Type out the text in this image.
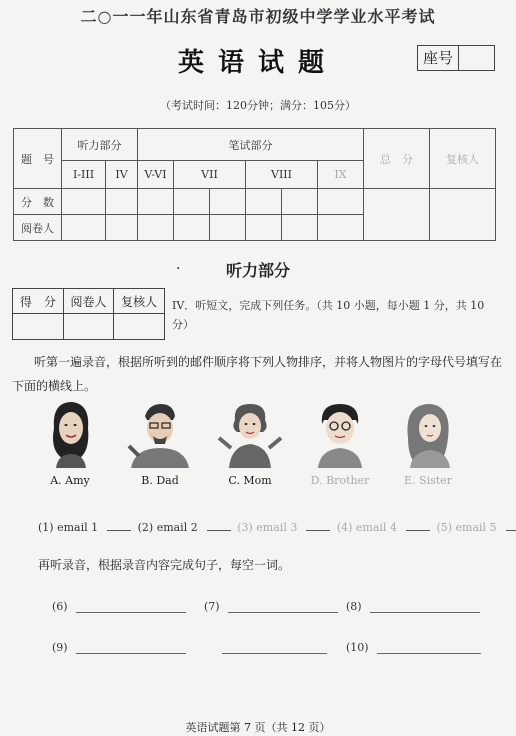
二○一一年山东省青岛市初级中学学业水平考试
英语试题	座号
（考试时间：120分钟；满分：105分）
题　号	听力部分		笔试部分						总　分	复核人
	I-III	IV	V-VI	VII		VIII		IX		
分　数										
阅卷人										
·	听力部分
得　分	阅卷人	复核人
		IV．听短文，完成下列任务。（共 10 小题，每小题 1 分，共 10 分）
听第一遍录音，根据所听到的邮件顺序将下列人物排序，并将人物图片的字母代号填写在下面的横线上。
A. Amy	B. Dad	C. Mom	D. Brother	E. Sister
(1) email 1	(2) email 2	(3) email 3	(4) email 4	(5) email 5
再听录音，根据录音内容完成句子，每空一词。
(6)	(7)	(8)
(9)	(10)
英语试题第 7 页（共 12 页）
